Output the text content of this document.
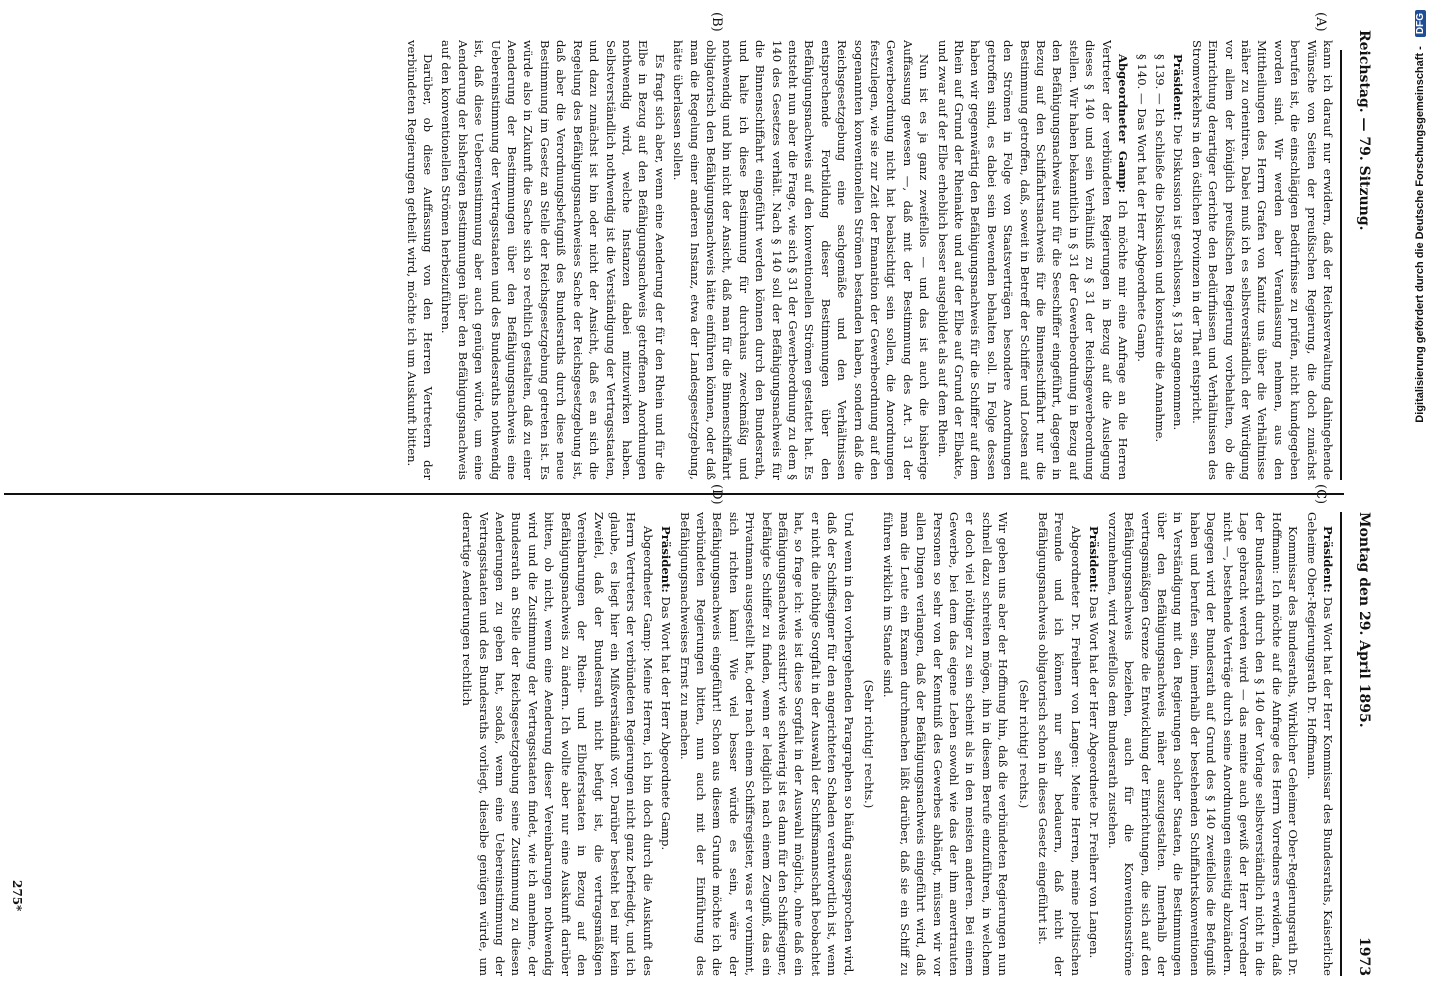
Reichstag. — 79. Sitzung.
Montag den 29. April 1895.
1973
(A)
(B)
(C)
(D)

kann ich darauf nur erwidern, daß der Reichsverwaltung dahingehende Wünsche von Seiten der preußischen Regierung, die doch zunächst berufen ist, die einschlägigen Bedürfnisse zu prüfen, nicht kundgegeben worden sind. Wir werden aber Veranlassung nehmen, aus den Mittheilungen des Herrn Grafen von Kanitz uns über die Verhältnisse näher zu orientiren. Dabei muß ich es selbstverständlich der Würdigung vor allem der königlich preußischen Regierung vorbehalten, ob die Einrichtung derartiger Gerichte den Bedürfnissen und Verhältnissen des Stromverkehrs in den östlichen Provinzen in der That entspricht.

Präsident: Die Diskussion ist geschlossen, § 138 angenommen.

§ 139. — Ich schließe die Diskussion und konstatire die Annahme.

§ 140. — Das Wort hat der Herr Abgeordnete Gamp.

Abgeordneter Gamp: Ich möchte mir eine Anfrage an die Herren Vertreter der verbündeten Regierungen in Bezug auf die Auslegung dieses § 140 und sein Verhältniß zu § 31 der Reichsgewerbeordnung stellen. Wir haben bekanntlich in § 31 der Gewerbeordnung in Bezug auf den Befähigungsnachweis nur für die Seeschiffer eingeführt, dagegen in Bezug auf den Schiffahrtsnachweis für die Binnenschiffahrt nur die Bestimmung getroffen, daß, soweit in Betreff der Schiffer und Lootsen auf den Strömen in Folge von Staatsverträgen besondere Anordnungen getroffen sind, es dabei sein Bewenden behalten soll. In Folge dessen haben wir gegenwärtig den Befähigungsnachweis für die Schiffer auf dem Rhein auf Grund der Rheinakte und auf der Elbe auf Grund der Elbakte, und zwar auf der Elbe erheblich besser ausgebildet als auf dem Rhein.

Nun ist es ja ganz zweifellos — und das ist auch die bisherige Auffassung gewesen —, daß mit der Bestimmung des Art. 31 der Gewerbeordnung nicht hat beabsichtigt sein sollen, die Anordnungen festzulegen, wie sie zur Zeit der Emanation der Gewerbeordnung auf den sogenannten konventionellen Strömen bestanden haben, sondern daß die Reichsgesetzgebung eine sachgemäße und den Verhältnissen entsprechende Fortbildung dieser Bestimmungen über den Befähigungsnachweis auf den konventionellen Strömen gestattet hat. Es entsteht nun aber die Frage, wie sich § 31 der Gewerbeordnung zu dem § 140 des Gesetzes verhält. Nach § 140 soll der Befähigungsnachweis für die Binnenschiffahrt eingeführt werden können durch den Bundesrath, und halte ich diese Bestimmung für durchaus zweckmäßig und nothwendig und bin nicht der Ansicht, daß man für die Binnenschiffahrt obligatorisch den Befähigungsnachweis hätte einführen können, oder daß man die Regelung einer anderen Instanz, etwa der Landesgesetzgebung, hätte überlassen sollen.

Es fragt sich aber, wenn eine Aenderung der für den Rhein und für die Elbe in Bezug auf den Befähigungsnachweis getroffenen Anordnungen nothwendig wird, welche Instanzen dabei mitzuwirken haben. Selbstverständlich nothwendig ist die Verständigung der Vertragsstaaten, und dazu zunächst ist bin oder nicht der Ansicht, daß es an sich die Regelung des Befähigungsnachweises Sache der Reichsgesetzgebung ist, daß aber die Verordnungsbefugniß des Bundesraths durch diese neue Bestimmung im Gesetz an Stelle der Reichsgesetzgebung getreten ist. Es würde also in Zukunft die Sache sich so rechtlich gestalten, daß zu einer Aenderung der Bestimmungen über den Befähigungsnachweis eine Uebereinstimmung der Vertragsstaaten und des Bundesraths nothwendig ist, daß diese Uebereinstimmung aber auch genügen würde, um eine Aenderung der bisherigen Bestimmungen über den Befähigungsnachweis auf den konventionellen Strömen herbeizuführen.

Darüber, ob diese Auffassung von den Herren Vertretern der verbündeten Regierungen getheilt wird, möchte ich um Auskunft bitten.

Präsident: Das Wort hat der Herr Kommissar des Bundesraths, Kaiserliche Geheime Ober-Regierungsrath Dr. Hoffmann.

Kommissar des Bundesraths, Wirklicher Geheimer Ober-Regierungsrath Dr. Hoffmann: Ich möchte auf die Anfrage des Herrn Vorredners erwidern, daß der Bundesrath durch den § 140 der Vorlage selbstverständlich nicht in die Lage gebracht werden wird — das meinte auch gewiß der Herr Vorredner nicht —, bestehende Verträge durch seine Anordnungen einseitig abzuändern. Dagegen wird der Bundesrath auf Grund des § 140 zweifellos die Befugniß haben und berufen sein, innerhalb der bestehenden Schiffahrtskonventionen in Verständigung mit den Regierungen solcher Staaten, die Bestimmungen über den Befähigungsnachweis näher auszugestalten. Innerhalb der vertragsmäßigen Grenze die Entwicklung der Einrichtungen, die sich auf den Befähigungsnachweis beziehen, auch für die Konventionsströme vorzunehmen, wird zweifellos dem Bundesrath zustehen.

Präsident: Das Wort hat der Herr Abgeordnete Dr. Freiherr von Langen.

Abgeordneter Dr. Freiherr von Langen: Meine Herren, meine politischen Freunde und ich können nur sehr bedauern, daß nicht der Befähigungsnachweis obligatorisch schon in dieses Gesetz eingeführt ist.

(Sehr richtig! rechts.)

Wir geben uns aber der Hoffnung hin, daß die verbündeten Regierungen nun schnell dazu schreiten mögen, ihn in diesem Berufe einzuführen, in welchem er doch viel nöthiger zu sein scheint als in den meisten anderen. Bei einem Gewerbe, bei dem das eigene Leben sowohl wie das der ihm anvertrauten Personen so sehr von der Kenntniß des Gewerbes abhängt, müssen wir vor allen Dingen verlangen, daß der Befähigungsnachweis eingeführt wird, daß man die Leute ein Examen durchmachen läßt darüber, daß sie ein Schiff zu führen wirklich im Stande sind.

(Sehr richtig! rechts.)

Und wenn in den vorhergehenden Paragraphen so häufig ausgesprochen wird, daß der Schiffseigner für den angerichteten Schaden verantwortlich ist, wenn er nicht die nöthige Sorgfalt in der Auswahl der Schiffsmannschaft beobachtet hat, so frage ich: wie ist diese Sorgfalt in der Auswahl möglich, ohne daß ein Befähigungsnachweis existirt? wie schwierig ist es dann für den Schiffseigner, befähigte Schiffer zu finden, wenn er lediglich nach einem Zeugniß, das ein Privatmann ausgestellt hat, oder nach einem Schiffsregister, was er vornimmt, sich richten kann! Wie viel besser würde es sein, wäre der Befähigungsnachweis eingeführt! Schon aus diesem Grunde möchte ich die verbündeten Regierungen bitten, nun auch mit der Einführung des Befähigungsnachweises Ernst zu machen.

Präsident: Das Wort hat der Herr Abgeordnete Gamp.

Abgeordneter Gamp: Meine Herren, ich bin doch durch die Auskunft des Herrn Vertreters der verbündeten Regierungen nicht ganz befriedigt, und ich glaube, es liegt hier ein Mißverständniß vor. Darüber besteht bei mir kein Zweifel, daß der Bundesrath nicht befugt ist, die vertragsmäßigen Vereinbarungen der Rhein- und Elbuferstaaten in Bezug auf den Befähigungsnachweis zu ändern. Ich wollte aber nur eine Auskunft darüber bitten, ob nicht, wenn eine Aenderung dieser Vereinbarungen nothwendig wird und die Zustimmung der Vertragsstaaten findet, wie ich annehme, der Bundesrath an Stelle der Reichsgesetzgebung seine Zustimmung zu diesen Aenderungen zu geben hat, sodaß, wenn eine Uebereinstimmung der Vertragsstaaten und des Bundesraths vorliegt, dieselbe genügen würde, um derartige Aenderungen rechtlich

275*
Digitalisierung gefördert durch die Deutsche Forschungsgemeinschaft - DFG
